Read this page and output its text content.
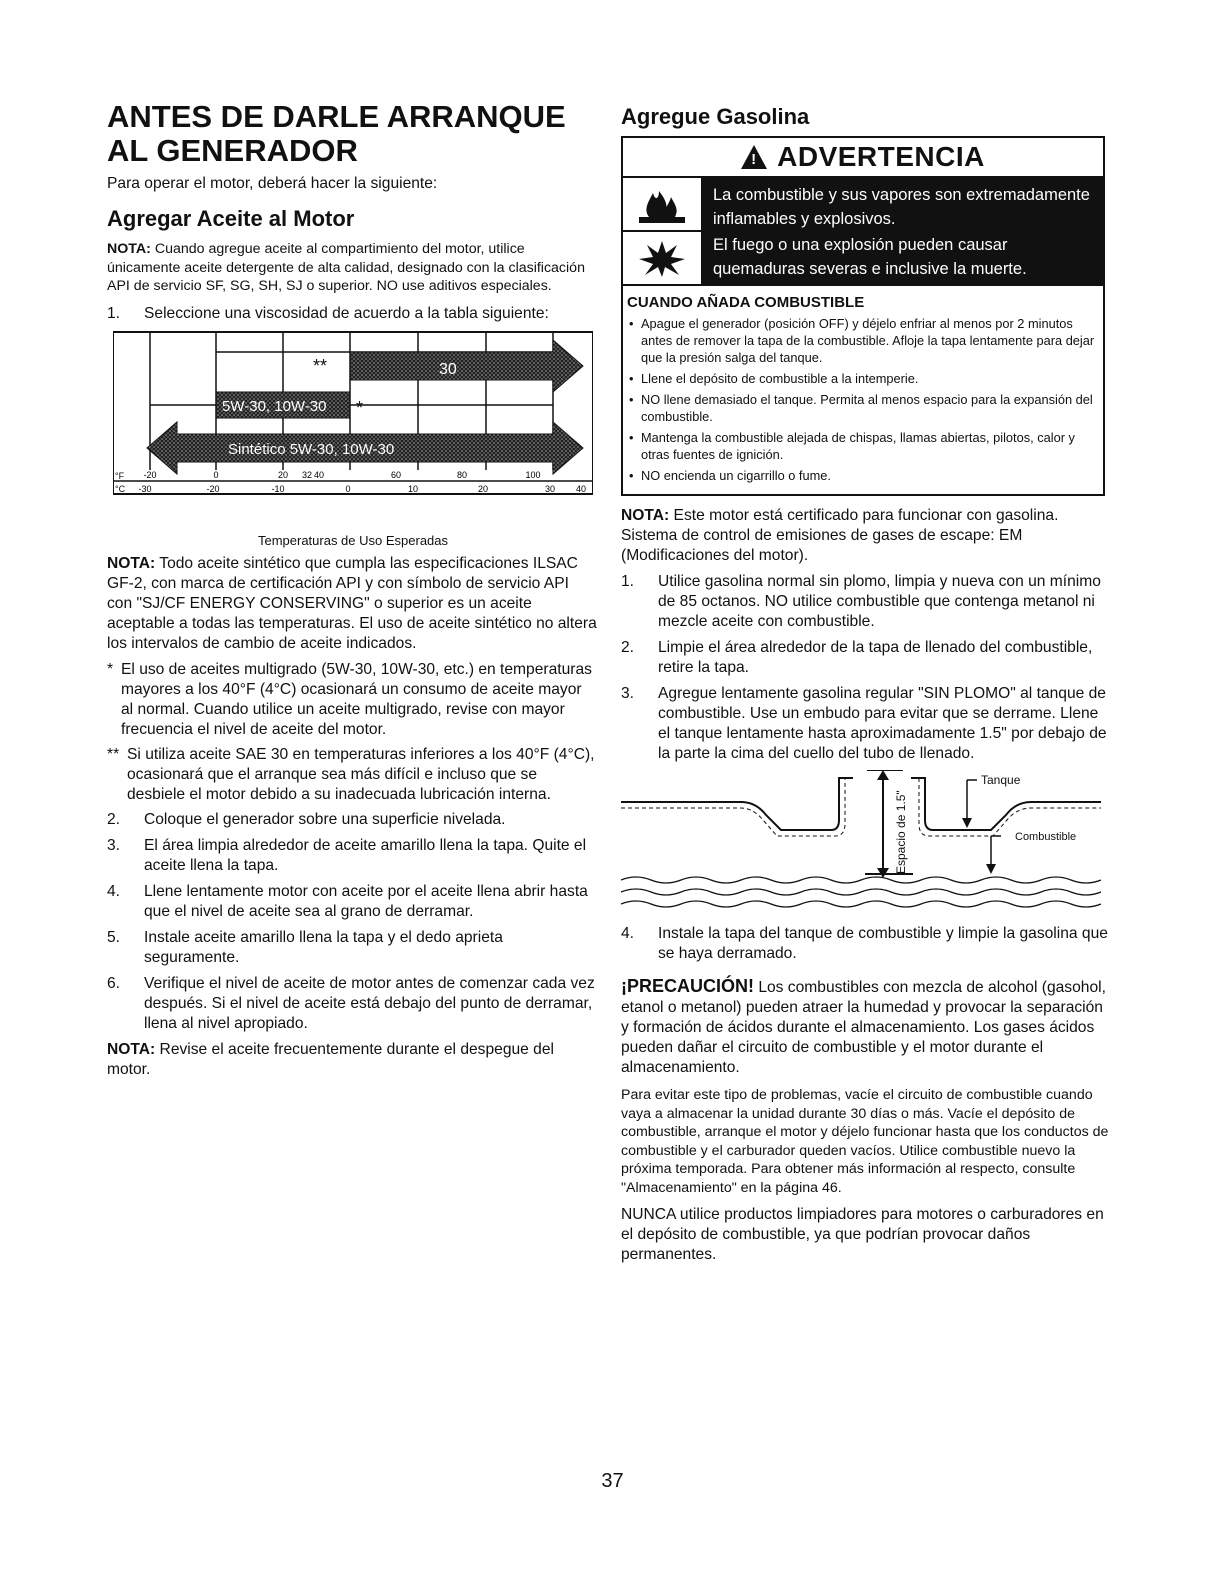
ANTES DE DARLE ARRANQUE AL GENERADOR

Para operar el motor, deberá hacer la siguiente:

Agregar Aceite al Motor

NOTA: Cuando agregue aceite al compartimiento del motor, utilice únicamente aceite detergente de alta calidad, designado con la clasificación API de servicio SF, SG, SH, SJ o superior. NO use aditivos especiales.

1. Seleccione una viscosidad de acuerdo a la tabla siguiente:
**	30
5W-30, 10W-30 *
Sintético 5W-30, 10W-30
°F
°C
-20	0	20 32 40	60	80	100
-30	-20	-10	0	10	20	30 40
Temperaturas de Uso Esperadas

NOTA: Todo aceite sintético que cumpla las especificaciones ILSAC GF-2, con marca de certificación API y con símbolo de servicio API con "SJ/CF ENERGY CONSERVING" o superior es un aceite aceptable a todas las temperaturas. El uso de aceite sintético no altera los intervalos de cambio de aceite indicados.

* El uso de aceites multigrado (5W-30, 10W-30, etc.) en temperaturas mayores a los 40°F (4°C) ocasionará un consumo de aceite mayor al normal. Cuando utilice un aceite multigrado, revise con mayor frecuencia el nivel de aceite del motor.
** Si utiliza aceite SAE 30 en temperaturas inferiores a los 40°F (4°C), ocasionará que el arranque sea más difícil e incluso que se desbiele el motor debido a su inadecuada lubricación interna.
2. Coloque el generador sobre una superficie nivelada.
3. El área limpia alrededor de aceite amarillo llena la tapa. Quite el aceite llena la tapa.
4. Llene lentamente motor con aceite por el aceite llena abrir hasta que el nivel de aceite sea al grano de derramar.
5. Instale aceite amarillo llena la tapa y el dedo aprieta seguramente.
6. Verifique el nivel de aceite de motor antes de comenzar cada vez después. Si el nivel de aceite está debajo del punto de derramar, llena al nivel apropiado.

NOTA: Revise el aceite frecuentemente durante el despegue del motor.

Agregue Gasolina
! ADVERTENCIA

La combustible y sus vapores son extremadamente inflamables y explosivos.

El fuego o una explosión pueden causar quemaduras severas e inclusive la muerte.

CUANDO AÑADA COMBUSTIBLE
• Apague el generador (posición OFF) y déjelo enfriar al menos por 2 minutos antes de remover la tapa de la combustible. Afloje la tapa lentamente para dejar que la presión salga del tanque.
• Llene el depósito de combustible a la intemperie.
• NO llene demasiado el tanque. Permita al menos espacio para la expansión del combustible.
• Mantenga la combustible alejada de chispas, llamas abiertas, pilotos, calor y otras fuentes de ignición.
• NO encienda un cigarrillo o fume.

NOTA: Este motor está certificado para funcionar con gasolina. Sistema de control de emisiones de gases de escape: EM (Modificaciones del motor).

1. Utilice gasolina normal sin plomo, limpia y nueva con un mínimo de 85 octanos. NO utilice combustible que contenga metanol ni mezcle aceite con combustible.
2. Limpie el área alrededor de la tapa de llenado del combustible, retire la tapa.
3. Agregue lentamente gasolina regular "SIN PLOMO" al tanque de combustible. Use un embudo para evitar que se derrame. Llene el tanque lentamente hasta aproximadamente 1.5" por debajo de la parte la cima del cuello del tubo de llenado.
Espacio de 1.5"
Tanque
Combustible
4. Instale la tapa del tanque de combustible y limpie la gasolina que se haya derramado.

¡PRECAUCIÓN! Los combustibles con mezcla de alcohol (gasohol, etanol o metanol) pueden atraer la humedad y provocar la separación y formación de ácidos durante el almacenamiento. Los gases ácidos pueden dañar el circuito de combustible y el motor durante el almacenamiento.

Para evitar este tipo de problemas, vacíe el circuito de combustible cuando vaya a almacenar la unidad durante 30 días o más. Vacíe el depósito de combustible, arranque el motor y déjelo funcionar hasta que los conductos de combustible y el carburador queden vacíos. Utilice combustible nuevo la próxima temporada. Para obtener más información al respecto, consulte "Almacenamiento" en la página 46.

NUNCA utilice productos limpiadores para motores o carburadores en el depósito de combustible, ya que podrían provocar daños permanentes.

37
